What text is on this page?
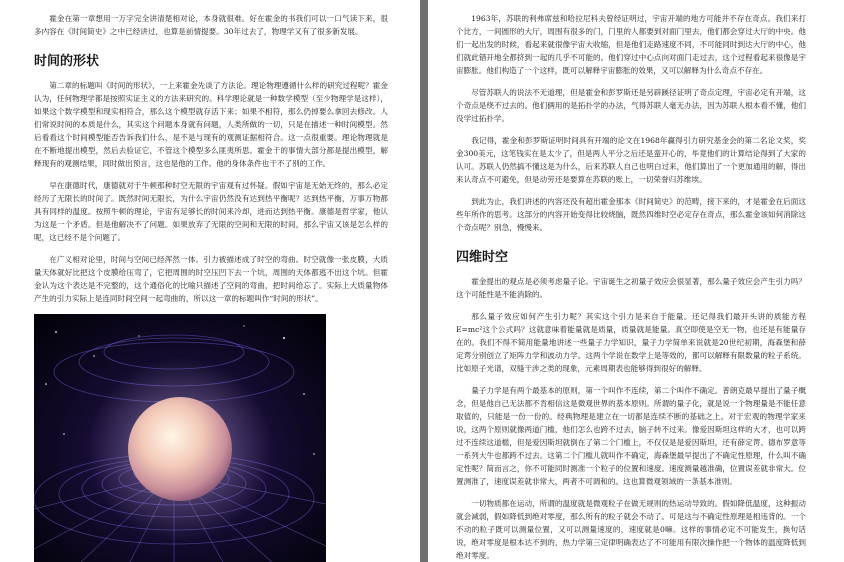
霍金在第一章想用一万字完全讲清楚相对论，本身就很难。好在霍金的书我们可以一口气读下来，很多内容在《时间简史》之中已经讲过，也算是前情提要。30年过去了，物理学又有了很多新发展。

时间的形状

第二章的标题叫《时间的形状》，一上来霍金先谈了方法论。理论物理遵循什么样的研究过程呢？霍金认为，任何物理学都是按照实证主义的方法来研究的。科学理论就是一种数学模型（至少物理学是这样），如果这个数学模型和现实相符合，那么这个模型就存活下来；如果不相符，那么仍掉要么拿回去修改。人们常说时间的本质是什么，其实这个问题本身就有问题，人类所做的一切，只是在描述一种时间模型。然后看看这个时间模型能否告诉我们什么，是不是与现有的观测证据相符合。这一点很重要。理论物理就是在不断地提出模型，然后去验证它，不管这个模型多么匪夷所思。霍金千的事情大部分都是提出模型，解释现有的观测结果，同时做出预言，这也是他的工作。他的身体条件也干不了别的工作。

早在康德时代，康德就对于牛顿那种时空无限的宇宙观有过怀疑。假如宇宙是无始无终的，那么必定经历了无限长的时间了。既然时间无限长，为什么宇宙仍然没有达到热平衡呢？达到热平衡，万事万物都具有同样的温度。按照牛顿的理论，宇宙有足够长的时间来冷却，进而达到热平衡。康德是哲学家，他认为这是一个矛盾。但是他解决不了问题。如果放弃了无限的空间和无限的时间，那么宇宙又该是怎么样的呢，这已经不是个问题了。

在广义相对论里，时间与空间已经浑然一体。引力被描述成了时空的弯曲。时空就像一张皮膜，大质量天体就好比把这个皮膜给压弯了，它把周围的时空压凹下去一个坑，周围的天体都逃不出这个坑。但霍金认为这个表达是不完整的，这个通俗化的比喻只描述了空间的弯曲，把时间给忘了。实际上大质量物体产生的引力实际上是连同时间空间一起弯曲的，所以这一章的标题叫作“时间的形状”。

1963年，苏联的利弗席兹和哈拉尼科夫曾经证明过，宇宙开端的地方可能并不存在奇点。我们来打个比方，一间圆形的大厅，周围有很多的门，门里的人都要到对面门里去，他们都会穿过大厅的中央。他们一起出发的时候，看起来就很像宇宙大收缩，但是他们走路速度不同，不可能同时到达大厅的中心，他们就此错开地全都挤到一起的几乎不可能的。他们穿过中心点向对面门走过去，这个过程看起来很像是宇宙膨胀。他们构造了一个这样，既可以解释宇宙膨胀的效果，又可以解释为什么奇点不存在。

尽管苏联人的说法不无道理，但是霍金和彭罗斯还是另辟蹊径证明了奇点定理，宇宙必定有开端，这个奇点是绕不过去的。他们俩用的是拓扑学的办法，气得苏联人毫无办法，因为苏联人根本看不懂，他们没学过拓扑学。

我记得，霍金和彭罗斯证明时间具有开端的论文在1968年赢得引力研究基金会的第二名论文奖，奖金300美元，这笔钱实在是太少了，但是两人平分之后还是蛮开心的，毕竟他们的计算结论得到了大家的认可。苏联人仍然搞不懂这是为什么，后来苏联人自己也明白过来，他们算出了一个更加通用的解，得出来认奇点不可避免，但是动劳还是要算在苏联的账上，一切荣誉归苏维埃。

到此为止，我们讲述的内容还没有超出霍金那本《时间简史》的范畴，接下来的，才是霍金在后面这些年所作的思考。这部分的内容开始变得比较烧脑，既然四维时空必定存在奇点，那么霍金该如何消除这个奇点呢？别急，慢慢来。

四维时空

霍金提出的观点是必须考虑量子论。宇宙诞生之初量子效应会很显著，那么量子效应会产生引力吗？这个可能性是不能消除的。

那么量子效应如何产生引力呢？其实这个引力是来自于能量。还记得我们最开头讲的质能方程E=mc²这个公式吗？这就意味着能量就是质量，质量就是能量。真空即使是空无一物，也还是有能量存在的。我们不得不简用能量地讲述一些量子力学知识，量子力学简单来说就是20世纪初期，海森堡和薛定谔分别创立了矩阵力学和波动力学。这两个学说在数学上是等效的，都可以解释有限数量的粒子系统。比如原子光谱，双缝干涉之类的现象，元素周期表也能够得到很好的解释。

量子力学是有两个最基本的原则，第一个叫作不连续，第二个叫作不确定。普朗克最早提出了量子概念，但是他自己无法都不肯相信这是微观世界的基本原则。所谓的量子化，就是说一个物理量是不能任意取值的，只能是一份一份的。经典物理是建立在一切都是连续不断的基础之上。对于宏观的物理学家来说，这两个原则就像两道门槛，他们怎么也跨不过去，脑子转不过来。像爱因斯坦这样的大才，也可以跨过不连续这道槛，但是爱因斯坦就倒在了第二个门槛上，不仅仅是是爱因斯坦，还有薛定谔、德布罗意等一系列大牛也都跨不过去。这第二个门槛儿就叫作不确定，海森堡最早提出了不确定性原理，什么叫不确定性呢？简而言之，你不可能同时测准一个粒子的位置和速度。速度测量越准确，位置误差就非常大。位置测准了，速度误差就非常大，两者不可调和的。这也算微观领域的一条基本准则。

一切物质都在运动，所谓的温度就是微观粒子在做无规则的热运动导致的。假如降低温度，这种振动就会减弱，假如降低到绝对零度，那么所有的粒子就会不动了。可是这与不确定性原理是相违背的。一个不动的粒子既可以测量位置，又可以测量速度的，速度就是0嘛。这样的事情必定不可能发生，换句话说，绝对零度是根本达不到的，热力学第三定律明确表达了不可能用有限次操作把一个物体的温度降低到绝对零度。
